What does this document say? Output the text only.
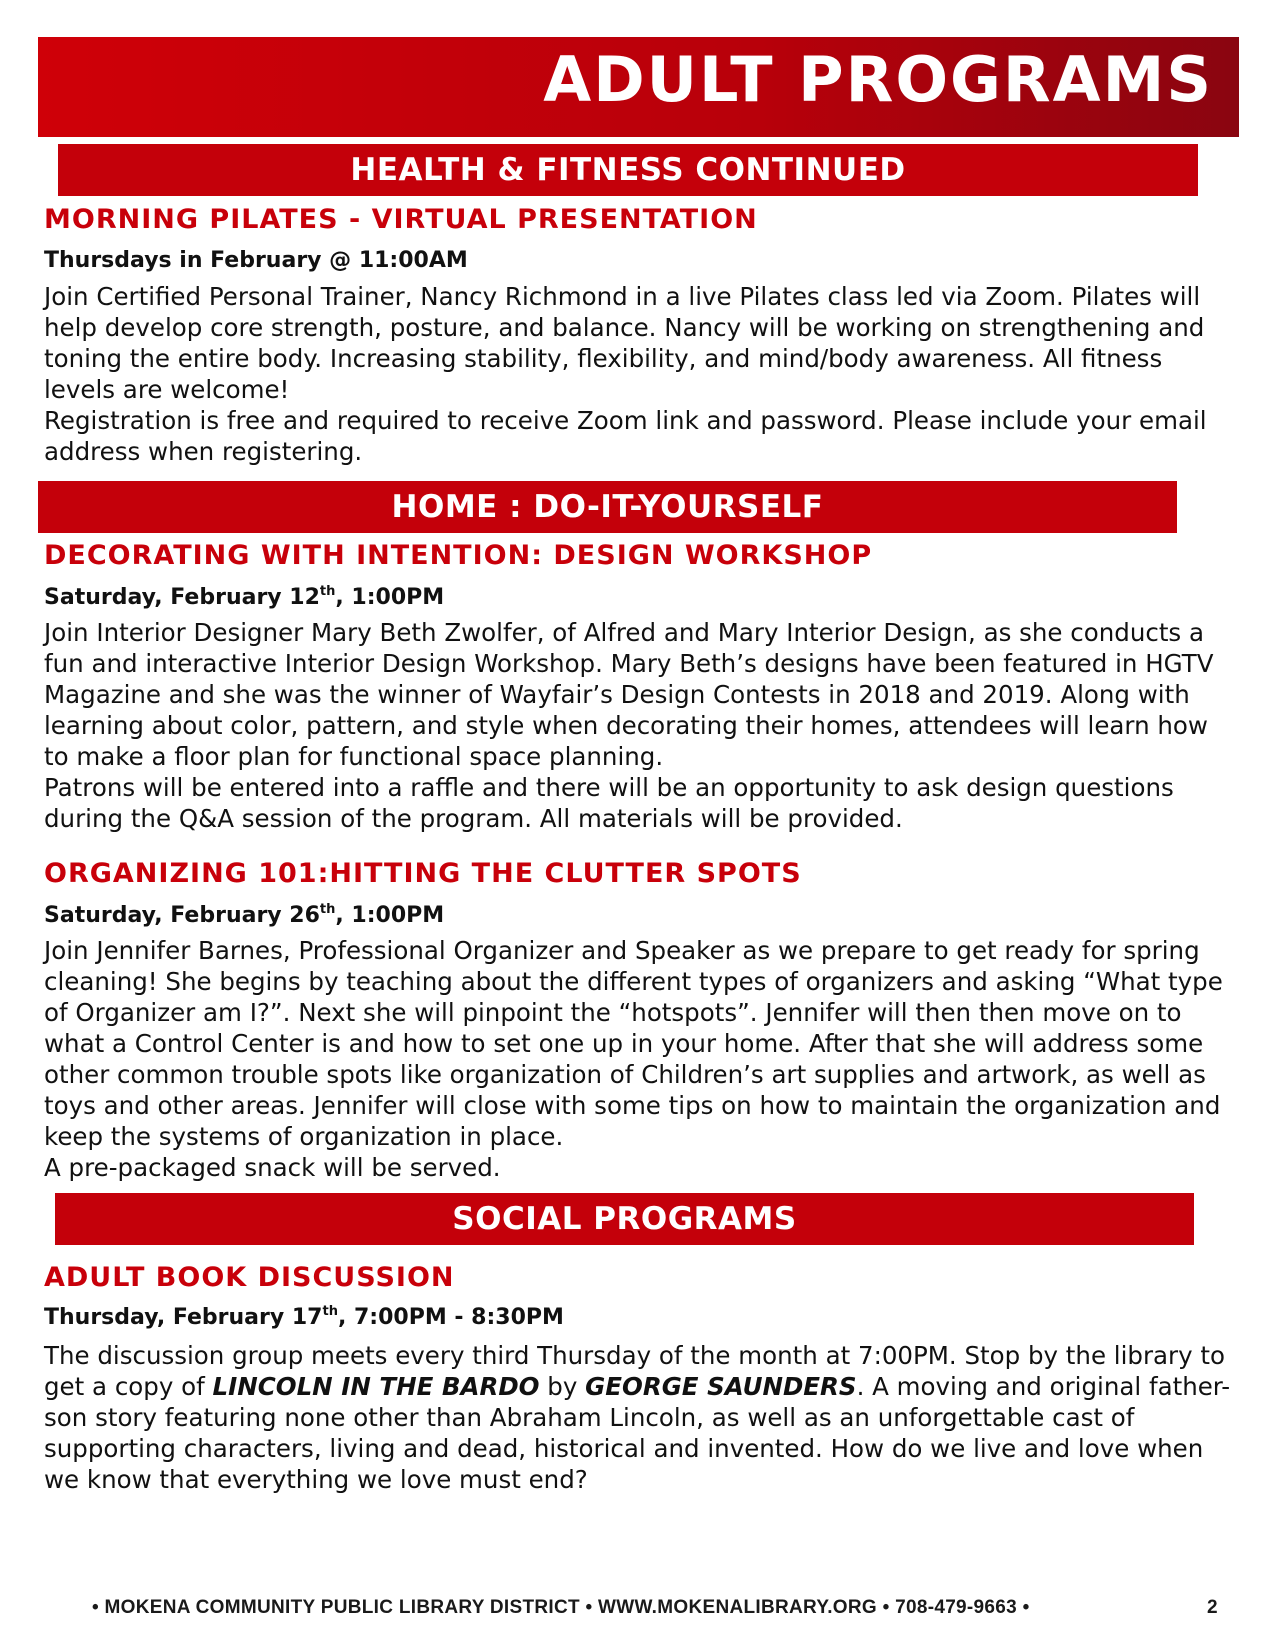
ADULT PROGRAMS
HEALTH & FITNESS CONTINUED
MORNING PILATES - VIRTUAL PRESENTATION
Thursdays in February @ 11:00AM

Join Certified Personal Trainer, Nancy Richmond in a live Pilates class led via Zoom. Pilates will help develop core strength, posture, and balance. Nancy will be working on strengthening and toning the entire body. Increasing stability, flexibility, and mind/body awareness. All fitness levels are welcome!

Registration is free and required to receive Zoom link and password. Please include your email address when registering.

HOME : DO-IT-YOURSELF
DECORATING WITH INTENTION: DESIGN WORKSHOP
Saturday, February 12th, 1:00PM

Join Interior Designer Mary Beth Zwolfer, of Alfred and Mary Interior Design, as she conducts a fun and interactive Interior Design Workshop. Mary Beth’s designs have been featured in HGTV Magazine and she was the winner of Wayfair’s Design Contests in 2018 and 2019. Along with learning about color, pattern, and style when decorating their homes, attendees will learn how to make a floor plan for functional space planning.

Patrons will be entered into a raffle and there will be an opportunity to ask design questions during the Q&A session of the program. All materials will be provided.

ORGANIZING 101:HITTING THE CLUTTER SPOTS
Saturday, February 26th, 1:00PM

Join Jennifer Barnes, Professional Organizer and Speaker as we prepare to get ready for spring cleaning! She begins by teaching about the different types of organizers and asking “What type of Organizer am I?”. Next she will pinpoint the “hotspots”. Jennifer will then then move on to what a Control Center is and how to set one up in your home. After that she will address some other common trouble spots like organization of Children’s art supplies and artwork, as well as toys and other areas. Jennifer will close with some tips on how to maintain the organization and keep the systems of organization in place.

A pre-packaged snack will be served.

SOCIAL PROGRAMS
ADULT BOOK DISCUSSION
Thursday, February 17th, 7:00PM - 8:30PM

The discussion group meets every third Thursday of the month at 7:00PM. Stop by the library to get a copy of LINCOLN IN THE BARDO by GEORGE SAUNDERS. A moving and original father-son story featuring none other than Abraham Lincoln, as well as an unforgettable cast of supporting characters, living and dead, historical and invented. How do we live and love when we know that everything we love must end?

• MOKENA COMMUNITY PUBLIC LIBRARY DISTRICT • WWW.MOKENALIBRARY.ORG • 708-479-9663 •	2
